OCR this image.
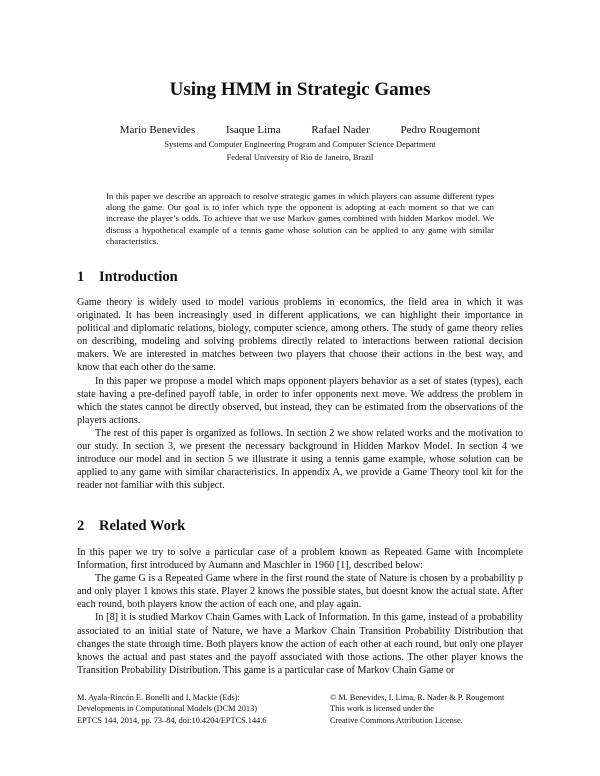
Using HMM in Strategic Games
Mario Benevides	Isaque Lima	Rafael Nader	Pedro Rougemont
Systems and Computer Engineering Program and Computer Science Department
Federal University of Rio de Janeiro, Brazil
In this paper we describe an approach to resolve strategic games in which players can assume different types along the game. Our goal is to infer which type the opponent is adopting at each moment so that we can increase the player’s odds. To achieve that we use Markov games combined with hidden Markov model. We discuss a hypothetical example of a tennis game whose solution can be applied to any game with similar characteristics.
1 Introduction

Game theory is widely used to model various problems in economics, the field area in which it was originated. It has been increasingly used in different applications, we can highlight their importance in political and diplomatic relations, biology, computer science, among others. The study of game theory relies on describing, modeling and solving problems directly related to interactions between rational decision makers. We are interested in matches between two players that choose their actions in the best way, and know that each other do the same.

In this paper we propose a model which maps opponent players behavior as a set of states (types), each state having a pre-defined payoff table, in order to infer opponents next move. We address the problem in which the states cannot be directly observed, but instead, they can be estimated from the observations of the players actions.

The rest of this paper is organized as follows. In section 2 we show related works and the motivation to our study. In section 3, we present the necessary background in Hidden Markov Model. In section 4 we introduce our model and in section 5 we illustrate it using a tennis game example, whose solution can be applied to any game with similar characteristics. In appendix A, we provide a Game Theory tool kit for the reader not familiar with this subject.

2 Related Work

In this paper we try to solve a particular case of a problem known as Repeated Game with Incomplete Information, first introduced by Aumann and Maschler in 1960 [1], described below:

The game G is a Repeated Game where in the first round the state of Nature is chosen by a probability p and only player 1 knows this state. Player 2 knows the possible states, but doesnt know the actual state. After each round, both players know the action of each one, and play again.

In [8] it is studied Markov Chain Games with Lack of Information. In this game, instead of a probability associated to an initial state of Nature, we have a Markov Chain Transition Probability Distribution that changes the state through time. Both players know the action of each other at each round, but only one player knows the actual and past states and the payoff associated with those actions. The other player knows the Transition Probability Distribution. This game is a particular case of Markov Chain Game or

M. Ayala-Rincón E. Bonelli and I. Mackie (Eds):
Developments in Computational Models (DCM 2013)
EPTCS 144, 2014, pp. 73–84, doi:10.4204/EPTCS.144.6
© M. Benevides, I. Lima, R. Nader & P. Rougemont
This work is licensed under the
Creative Commons Attribution License.
